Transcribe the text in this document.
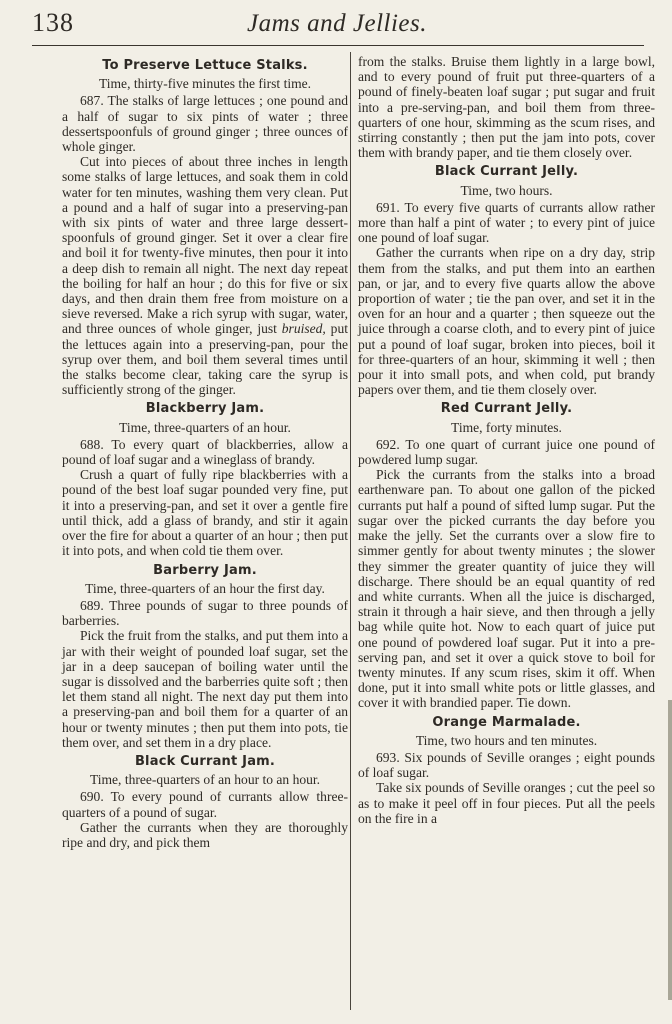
138	Jams and Jellies.
To Preserve Lettuce Stalks.
Time, thirty-five minutes the first time.

687. The stalks of large lettuces ; one pound and a half of sugar to six pints of water ; three dessertspoonfuls of ground ginger ; three ounces of whole ginger.

Cut into pieces of about three inches in length some stalks of large lettuces, and soak them in cold water for ten minutes, washing them very clean. Put a pound and a half of sugar into a preserving-pan with six pints of water and three large dessert-spoonfuls of ground ginger. Set it over a clear fire and boil it for twenty-five minutes, then pour it into a deep dish to remain all night. The next day repeat the boiling for half an hour ; do this for five or six days, and then drain them free from moisture on a sieve reversed. Make a rich syrup with sugar, water, and three ounces of whole ginger, just bruised, put the lettuces again into a preserving-pan, pour the syrup over them, and boil them several times until the stalks become clear, taking care the syrup is sufficiently strong of the ginger.

Blackberry Jam.
Time, three-quarters of an hour.

688. To every quart of blackberries, allow a pound of loaf sugar and a wineglass of brandy.

Crush a quart of fully ripe blackberries with a pound of the best loaf sugar pounded very fine, put it into a preserving-pan, and set it over a gentle fire until thick, add a glass of brandy, and stir it again over the fire for about a quarter of an hour ; then put it into pots, and when cold tie them over.

Barberry Jam.
Time, three-quarters of an hour the first day.

689. Three pounds of sugar to three pounds of barberries.

Pick the fruit from the stalks, and put them into a jar with their weight of pounded loaf sugar, set the jar in a deep saucepan of boiling water until the sugar is dissolved and the barberries quite soft ; then let them stand all night. The next day put them into a preserving-pan and boil them for a quarter of an hour or twenty minutes ; then put them into pots, tie them over, and set them in a dry place.

Black Currant Jam.
Time, three-quarters of an hour to an hour.

690. To every pound of currants allow three-quarters of a pound of sugar.

Gather the currants when they are thoroughly ripe and dry, and pick them

from the stalks. Bruise them lightly in a large bowl, and to every pound of fruit put three-quarters of a pound of finely-beaten loaf sugar ; put sugar and fruit into a pre-serving-pan, and boil them from three-quarters of one hour, skimming as the scum rises, and stirring constantly ; then put the jam into pots, cover them with brandy paper, and tie them closely over.

Black Currant Jelly.
Time, two hours.

691. To every five quarts of currants allow rather more than half a pint of water ; to every pint of juice one pound of loaf sugar.

Gather the currants when ripe on a dry day, strip them from the stalks, and put them into an earthen pan, or jar, and to every five quarts allow the above proportion of water ; tie the pan over, and set it in the oven for an hour and a quarter ; then squeeze out the juice through a coarse cloth, and to every pint of juice put a pound of loaf sugar, broken into pieces, boil it for three-quarters of an hour, skimming it well ; then pour it into small pots, and when cold, put brandy papers over them, and tie them closely over.

Red Currant Jelly.
Time, forty minutes.

692. To one quart of currant juice one pound of powdered lump sugar.

Pick the currants from the stalks into a broad earthenware pan. To about one gallon of the picked currants put half a pound of sifted lump sugar. Put the sugar over the picked currants the day before you make the jelly. Set the currants over a slow fire to simmer gently for about twenty minutes ; the slower they simmer the greater quantity of juice they will discharge. There should be an equal quantity of red and white currants. When all the juice is discharged, strain it through a hair sieve, and then through a jelly bag while quite hot. Now to each quart of juice put one pound of powdered loaf sugar. Put it into a pre-serving pan, and set it over a quick stove to boil for twenty minutes. If any scum rises, skim it off. When done, put it into small white pots or little glasses, and cover it with brandied paper. Tie down.

Orange Marmalade.
Time, two hours and ten minutes.

693. Six pounds of Seville oranges ; eight pounds of loaf sugar.

Take six pounds of Seville oranges ; cut the peel so as to make it peel off in four pieces. Put all the peels on the fire in a
